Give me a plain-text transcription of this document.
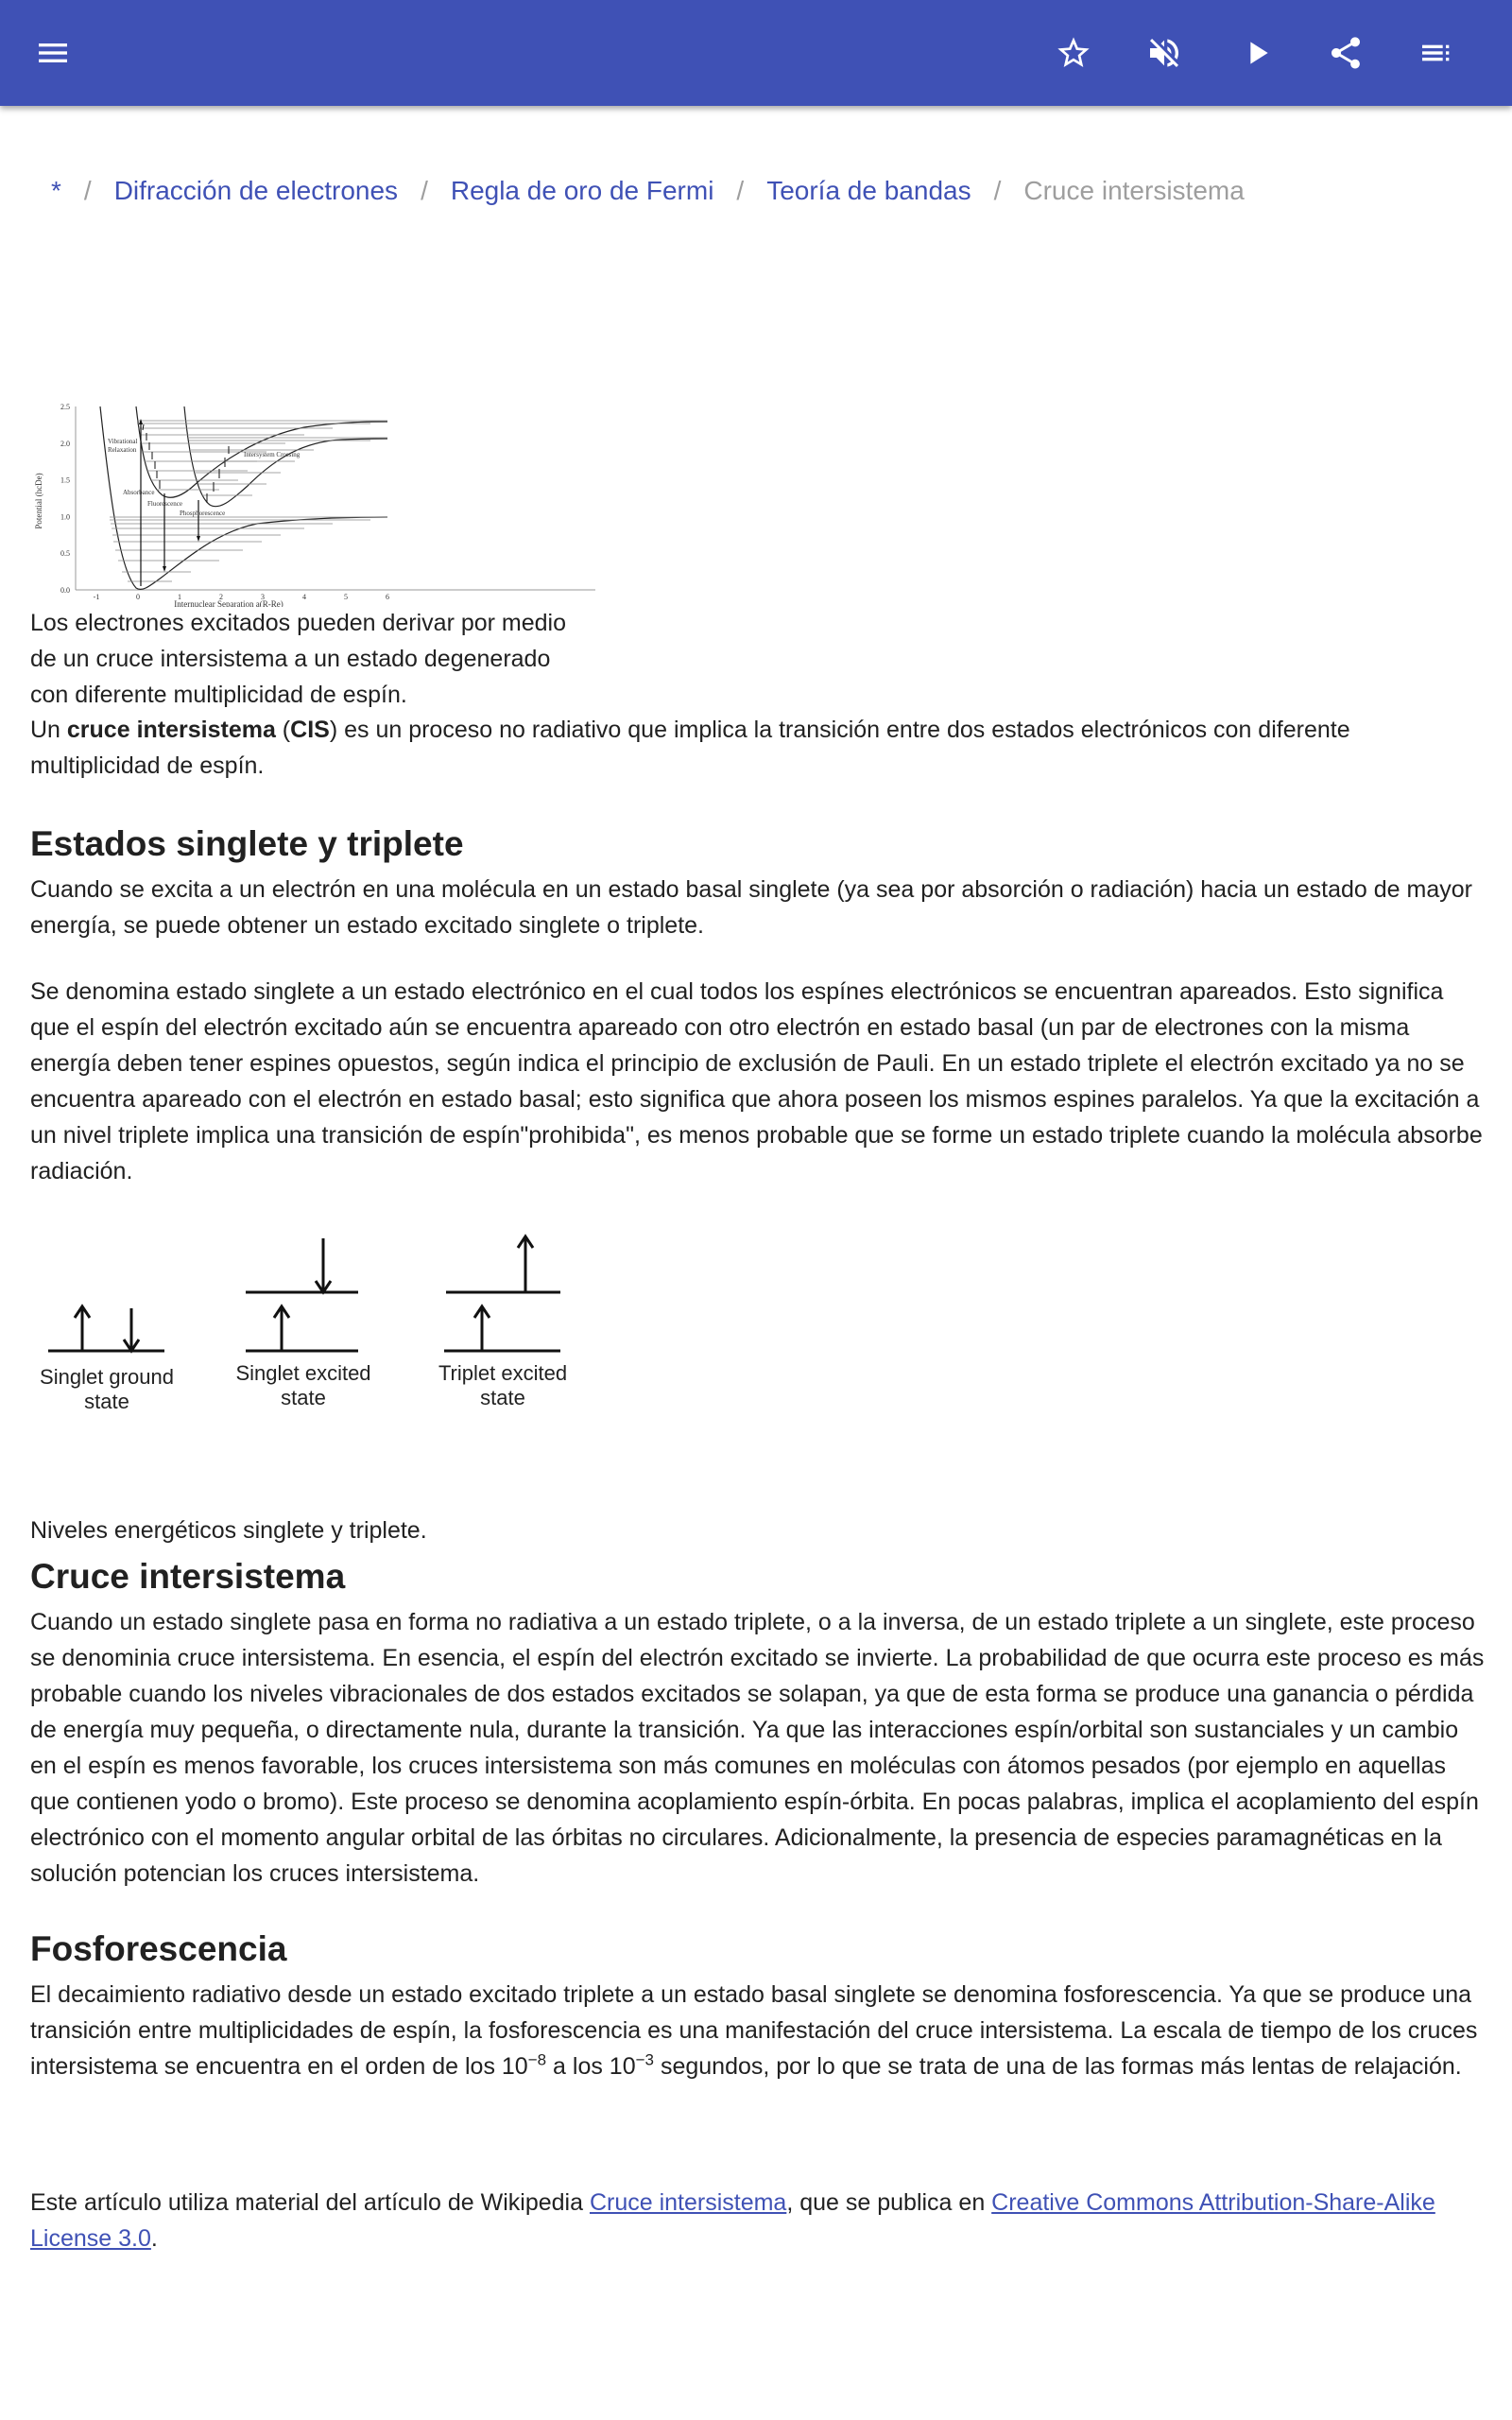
* / Difracción de electrones / Regla de oro de Fermi / Teoría de bandas / Cruce intersistema
0.0
0.5
1.0
1.5
2.0
2.5
-1	0	1	2	3	4	5	6
Potential (hcDe)
Internuclear Separation a(R-Re)
Vibrational
Relaxation
Intersystem Crossing
Absorbance
Fluorescence
Phosphorescence

Los electrones excitados pueden derivar por medio

de un cruce intersistema a un estado degenerado

con diferente multiplicidad de espín.

Un cruce intersistema (CIS) es un proceso no radiativo que implica la transición entre dos estados electrónicos con diferente multiplicidad de espín.

Estados singlete y triplete

Cuando se excita a un electrón en una molécula en un estado basal singlete (ya sea por absorción o radiación) hacia un estado de mayor energía, se puede obtener un estado excitado singlete o triplete.

Se denomina estado singlete a un estado electrónico en el cual todos los espínes electrónicos se encuentran apareados. Esto significa que el espín del electrón excitado aún se encuentra apareado con otro electrón en estado basal (un par de electrones con la misma energía deben tener espines opuestos, según indica el principio de exclusión de Pauli. En un estado triplete el electrón excitado ya no se encuentra apareado con el electrón en estado basal; esto significa que ahora poseen los mismos espines paralelos. Ya que la excitación a un nivel triplete implica una transición de espín"prohibida", es menos probable que se forme un estado triplete cuando la molécula absorbe radiación.

Singlet ground
state
Singlet excited
state
Triplet excited
state

Niveles energéticos singlete y triplete.

Cruce intersistema

Cuando un estado singlete pasa en forma no radiativa a un estado triplete, o a la inversa, de un estado triplete a un singlete, este proceso se denominia cruce intersistema. En esencia, el espín del electrón excitado se invierte. La probabilidad de que ocurra este proceso es más probable cuando los niveles vibracionales de dos estados excitados se solapan, ya que de esta forma se produce una ganancia o pérdida de energía muy pequeña, o directamente nula, durante la transición. Ya que las interacciones espín/orbital son sustanciales y un cambio en el espín es menos favorable, los cruces intersistema son más comunes en moléculas con átomos pesados (por ejemplo en aquellas que contienen yodo o bromo). Este proceso se denomina acoplamiento espín-órbita. En pocas palabras, implica el acoplamiento del espín electrónico con el momento angular orbital de las órbitas no circulares. Adicionalmente, la presencia de especies paramagnéticas en la solución potencian los cruces intersistema.

Fosforescencia

El decaimiento radiativo desde un estado excitado triplete a un estado basal singlete se denomina fosforescencia. Ya que se produce una transición entre multiplicidades de espín, la fosforescencia es una manifestación del cruce intersistema. La escala de tiempo de los cruces intersistema se encuentra en el orden de los $10^{-8}$ a los $10^{-3}$ segundos, por lo que se trata de una de las formas más lentas de relajación.

Este artículo utiliza material del artículo de Wikipedia Cruce intersistema, que se publica en Creative Commons Attribution-Share-Alike License 3.0.
